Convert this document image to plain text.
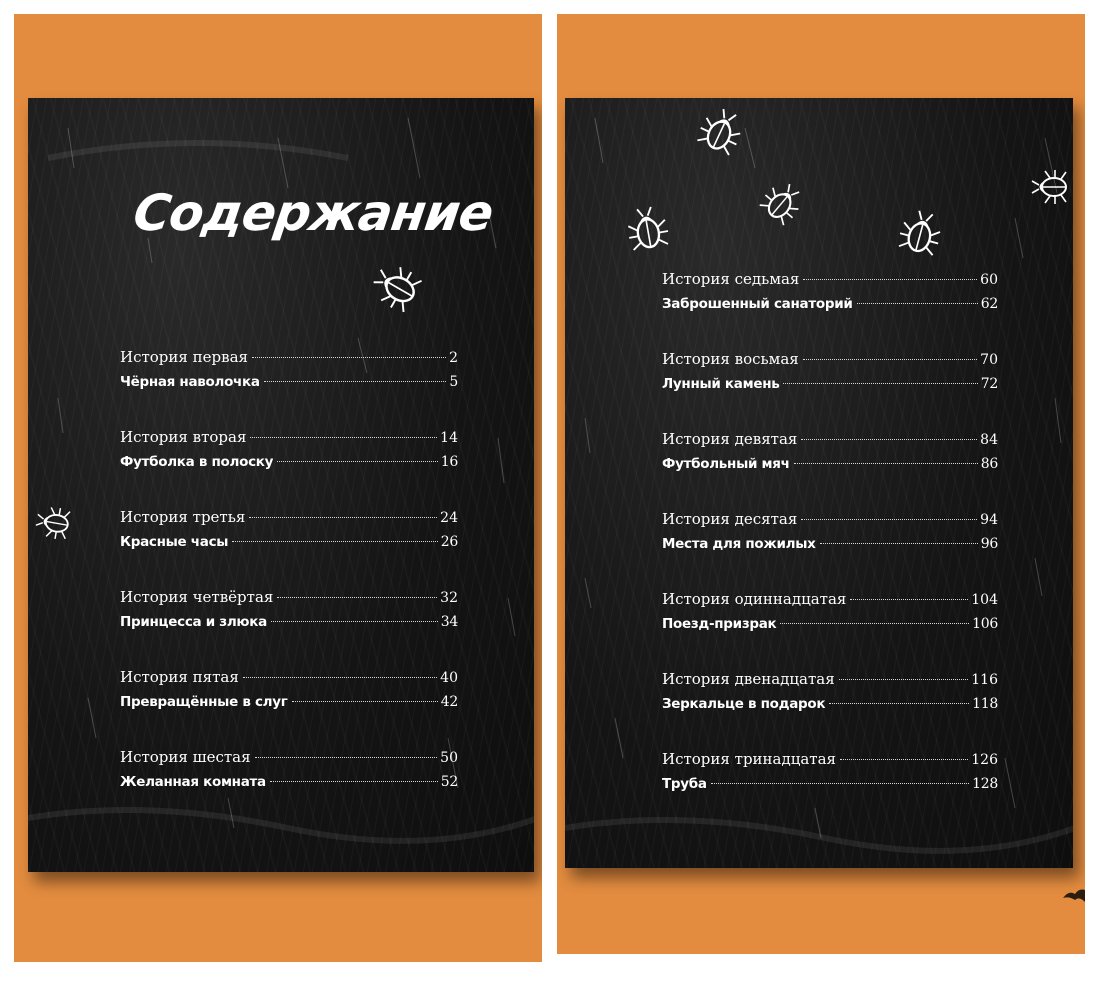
Содержание
История первая	2
Чёрная наволочка	5
История вторая	14
Футболка в полоску	16
История третья	24
Красные часы	26
История четвёртая	32
Принцесса и злюка	34
История пятая	40
Превращённые в слуг	42
История шестая	50
Желанная комната	52
История седьмая	60
Заброшенный санаторий	62
История восьмая	70
Лунный камень	72
История девятая	84
Футбольный мяч	86
История десятая	94
Места для пожилых	96
История одиннадцатая	104
Поезд-призрак	106
История двенадцатая	116
Зеркальце в подарок	118
История тринадцатая	126
Труба	128
